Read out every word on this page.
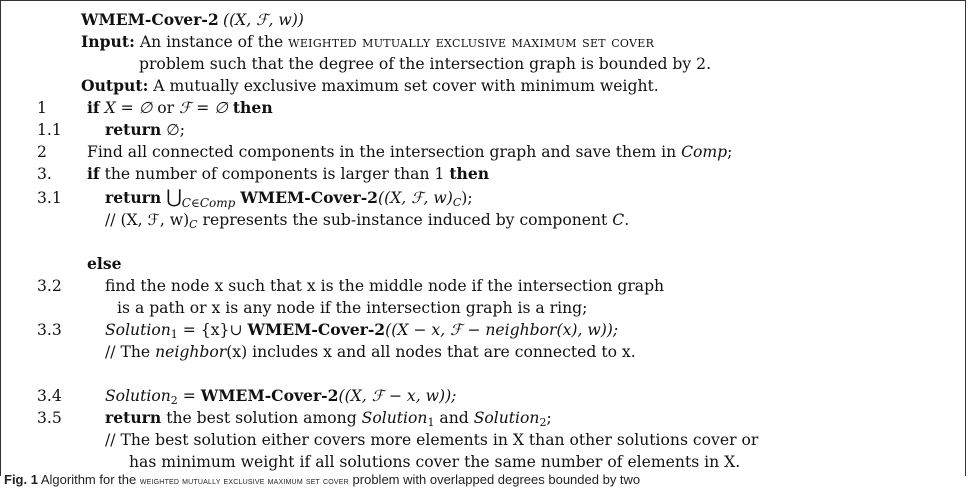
WMEM-Cover-2 ((X, ℱ, w))
Input: An instance of the weighted mutually exclusive maximum set cover
problem such that the degree of the intersection graph is bounded by 2.
Output: A mutually exclusive maximum set cover with minimum weight.
1	if X = ∅ or ℱ = ∅ then
1.1	return ∅;
2	Find all connected components in the intersection graph and save them in Comp;
3. if the number of components is larger than 1 then
3.1	return $⋃_{C\in Comp}$ WMEM-Cover-2((X, ℱ, $w)_C$);
// (X, ℱ, $w)_C$ represents the sub-instance induced by component C.
else
3.2	find the node x such that x is the middle node if the intersection graph
is a path or x is any node if the intersection graph is a ring;
3.3	Solution$_1$ = {x}∪ WMEM-Cover-2((X − x, ℱ − neighbor(x), w));
// The neighbor(x) includes x and all nodes that are connected to x.
3.4	Solution$_2$ = WMEM-Cover-2((X, ℱ − x, w));
3.5	return the best solution among Solution$_1$ and Solution$_2$;
// The best solution either covers more elements in X than other solutions cover or
has minimum weight if all solutions cover the same number of elements in X.
Fig. 1 Algorithm for the weighted mutually exclusive maximum set cover problem with overlapped degrees bounded by two
